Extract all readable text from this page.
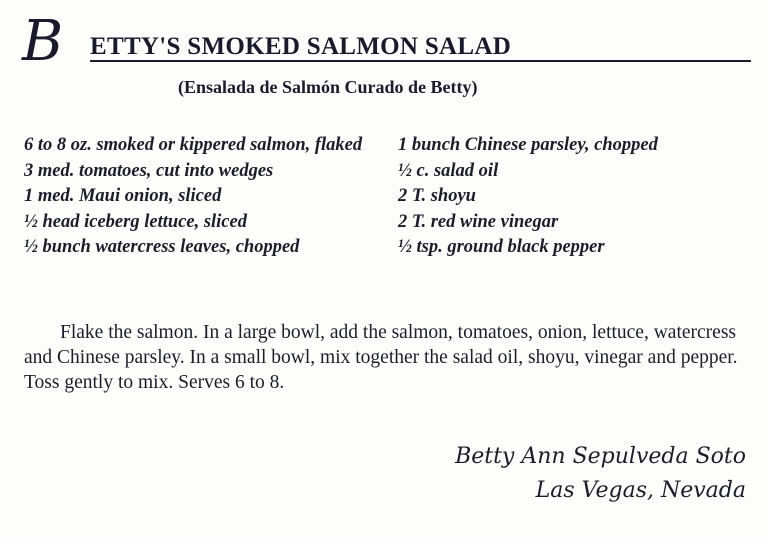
B ETTY'S SMOKED SALMON SALAD
(Ensalada de Salmón Curado de Betty)
6 to 8 oz. smoked or kippered salmon, flaked
3 med. tomatoes, cut into wedges
1 med. Maui onion, sliced
½ head iceberg lettuce, sliced
½ bunch watercress leaves, chopped
1 bunch Chinese parsley, chopped
½ c. salad oil
2 T. shoyu
2 T. red wine vinegar
½ tsp. ground black pepper

Flake the salmon. In a large bowl, add the salmon, tomatoes, onion, lettuce, watercress and Chinese parsley. In a small bowl, mix together the salad oil, shoyu, vinegar and pepper. Toss gently to mix. Serves 6 to 8.

Betty Ann Sepulveda Soto
Las Vegas, Nevada
